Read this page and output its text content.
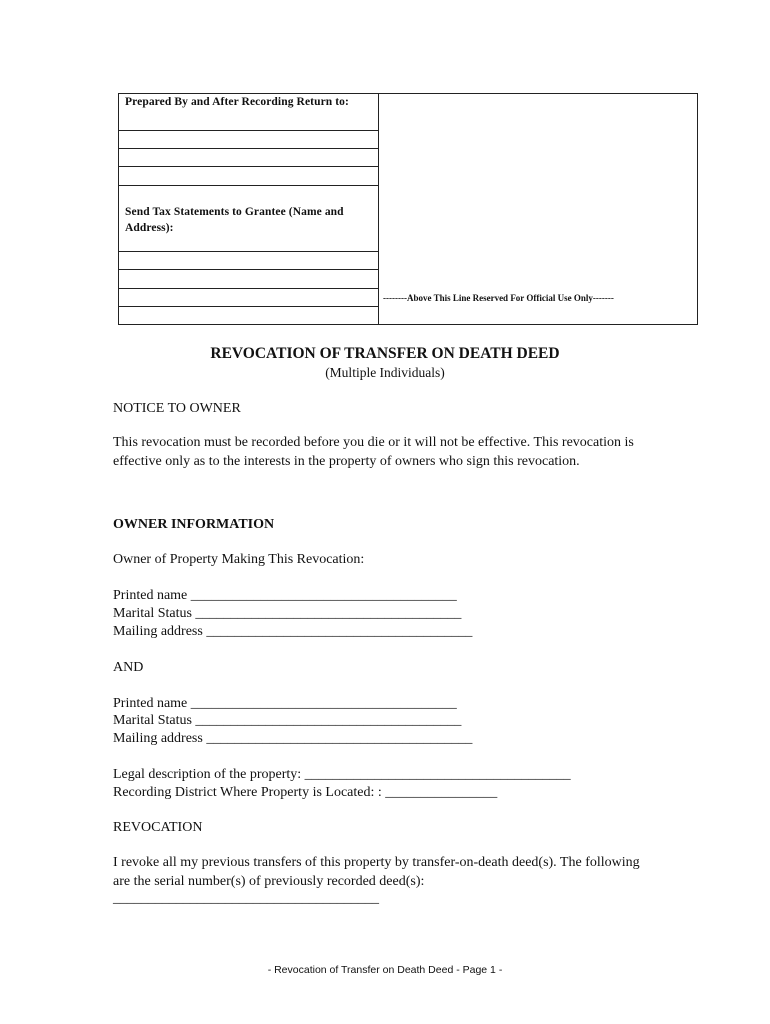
Prepared By and After Recording Return to:
Send Tax Statements to Grantee (Name and Address):
--------Above This Line Reserved For Official Use Only-------
REVOCATION OF TRANSFER ON DEATH DEED
(Multiple Individuals)
NOTICE TO OWNER
This revocation must be recorded before you die or it will not be effective. This revocation is effective only as to the interests in the property of owners who sign this revocation.
OWNER INFORMATION
Owner of Property Making This Revocation:
Printed name ______________________________________
Marital Status ______________________________________
Mailing address ______________________________________
AND
Printed name ______________________________________
Marital Status ______________________________________
Mailing address ______________________________________
Legal description of the property: ______________________________________
Recording District Where Property is Located: : ________________
REVOCATION
I revoke all my previous transfers of this property by transfer-on-death deed(s). The following are the serial number(s) of previously recorded deed(s):
______________________________________
- Revocation of Transfer on Death Deed - Page 1 -
